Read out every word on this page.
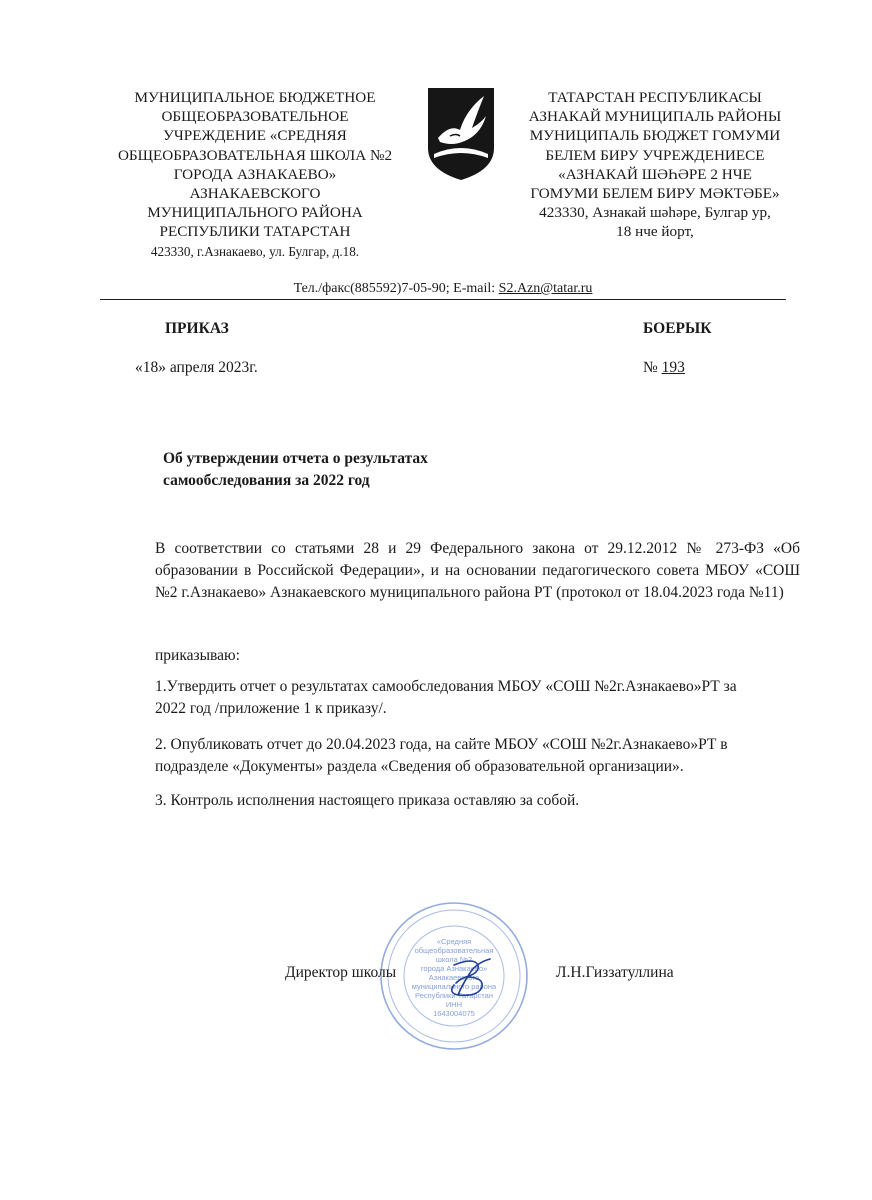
МУНИЦИПАЛЬНОЕ БЮДЖЕТНОЕ
ОБЩЕОБРАЗОВАТЕЛЬНОЕ
УЧРЕЖДЕНИЕ «СРЕДНЯЯ
ОБЩЕОБРАЗОВАТЕЛЬНАЯ ШКОЛА №2
ГОРОДА АЗНАКАЕВО»
АЗНАКАЕВСКОГО
МУНИЦИПАЛЬНОГО РАЙОНА
РЕСПУБЛИКИ ТАТАРСТАН
423330, г.Азнакаево, ул. Булгар, д.18.
ТАТАРСТАН РЕСПУБЛИКАСЫ
АЗНАКАЙ МУНИЦИПАЛЬ РАЙОНЫ
МУНИЦИПАЛЬ БЮДЖЕТ ГОМУМИ
БЕЛЕМ БИРУ УЧРЕЖДЕНИЕСЕ
«АЗНАКАЙ ШӘҺӘРЕ 2 НЧЕ
ГОМУМИ БЕЛЕМ БИРУ МӘКТӘБЕ»
423330, Азнакай шәһәре, Булгар ур,
18 нче йорт,
Тел./факс(885592)7-05-90; E-mail: S2.Azn@tatar.ru
ПРИКАЗ	БОЕРЫК
«18» апреля 2023г.	№ 193
Об утверждении отчета о результатах
самообследования за 2022 год
В соответствии со статьями 28 и 29 Федерального закона от 29.12.2012 № 273-ФЗ «Об образовании в Российской Федерации», и на основании педагогического совета МБОУ «СОШ №2 г.Азнакаево» Азнакаевского муниципального района РТ (протокол от 18.04.2023 года №11)
приказываю:
1.Утвердить отчет о результатах самообследования МБОУ «СОШ №2г.Азнакаево»РТ за
2022 год /приложение 1 к приказу/.
2. Опубликовать отчет до 20.04.2023 года, на сайте МБОУ «СОШ №2г.Азнакаево»РТ в
подразделе «Документы» раздела «Сведения об образовательной организации».
3. Контроль исполнения настоящего приказа оставляю за собой.
«Средняя
общеобразовательная
школа №2
города Азнакаево»
Азнакаевского
муниципального района
Республики Татарстан
ИНН
1643004075
Директор школы	Л.Н.Гиззатуллина
